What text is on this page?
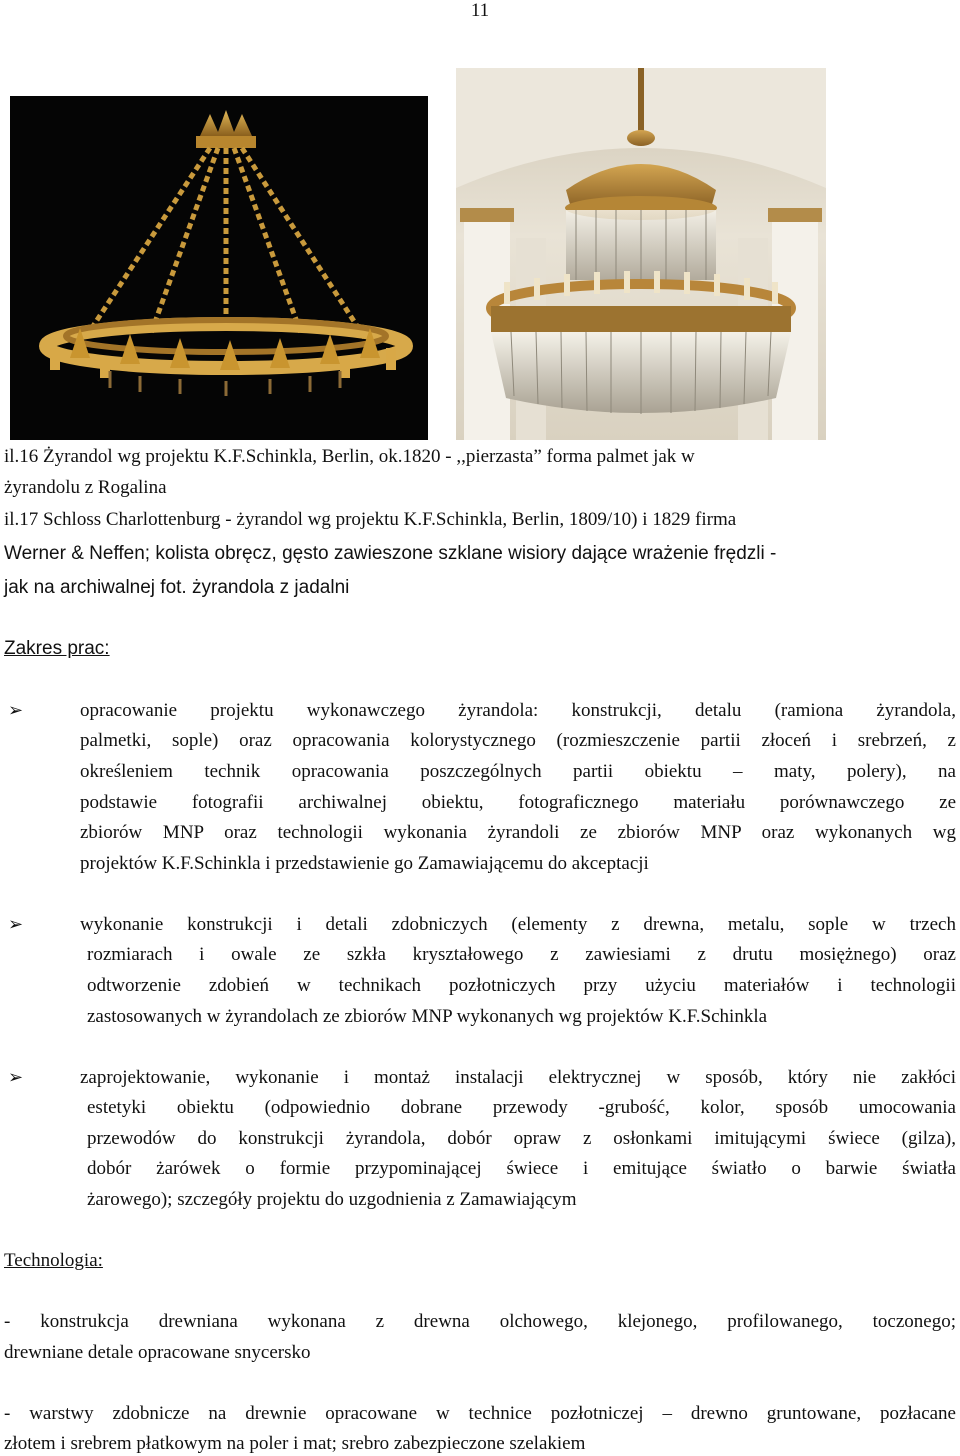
11
il.16 Żyrandol wg projektu K.F.Schinkla, Berlin, ok.1820 - ,,pierzasta” forma palmet jak w
żyrandolu z Rogalina
il.17 Schloss Charlottenburg - żyrandol wg projektu K.F.Schinkla, Berlin, 1809/10) i 1829 firma
Werner & Neffen; kolista obręcz, gęsto zawieszone szklane wisiory dające wrażenie frędzli -
jak na archiwalnej fot. żyrandola z jadalni
Zakres prac:
➢	opracowanie projektu wykonawczego żyrandola: konstrukcji, detalu (ramiona żyrandola,
palmetki, sople) oraz opracowania kolorystycznego (rozmieszczenie partii złoceń i srebrzeń, z
określeniem technik opracowania poszczególnych partii obiektu – maty, polery), na
podstawie fotografii archiwalnej obiektu, fotograficznego materiału porównawczego ze
zbiorów MNP oraz technologii wykonania żyrandoli ze zbiorów MNP oraz wykonanych wg
projektów K.F.Schinkla i przedstawienie go Zamawiającemu do akceptacji
➢	wykonanie konstrukcji i detali zdobniczych (elementy z drewna, metalu, sople w trzech
rozmiarach i owale ze szkła kryształowego z zawiesiami z drutu mosiężnego) oraz
odtworzenie zdobień w technikach pozłotniczych przy użyciu materiałów i technologii
zastosowanych w żyrandolach ze zbiorów MNP wykonanych wg projektów K.F.Schinkla
➢	zaprojektowanie, wykonanie i montaż instalacji elektrycznej w sposób, który nie zakłóci
estetyki obiektu (odpowiednio dobrane przewody -grubość, kolor, sposób umocowania
przewodów do konstrukcji żyrandola, dobór opraw z osłonkami imitującymi świece (gilza),
dobór żarówek o formie przypominającej świece i emitujące światło o barwie światła
żarowego); szczegóły projektu do uzgodnienia z Zamawiającym
Technologia:
- konstrukcja drewniana wykonana z drewna olchowego, klejonego, profilowanego, toczonego;
drewniane detale opracowane snycersko
- warstwy zdobnicze na drewnie opracowane w technice pozłotniczej – drewno gruntowane, pozłacane
złotem i srebrem płatkowym na poler i mat; srebro zabezpieczone szelakiem
